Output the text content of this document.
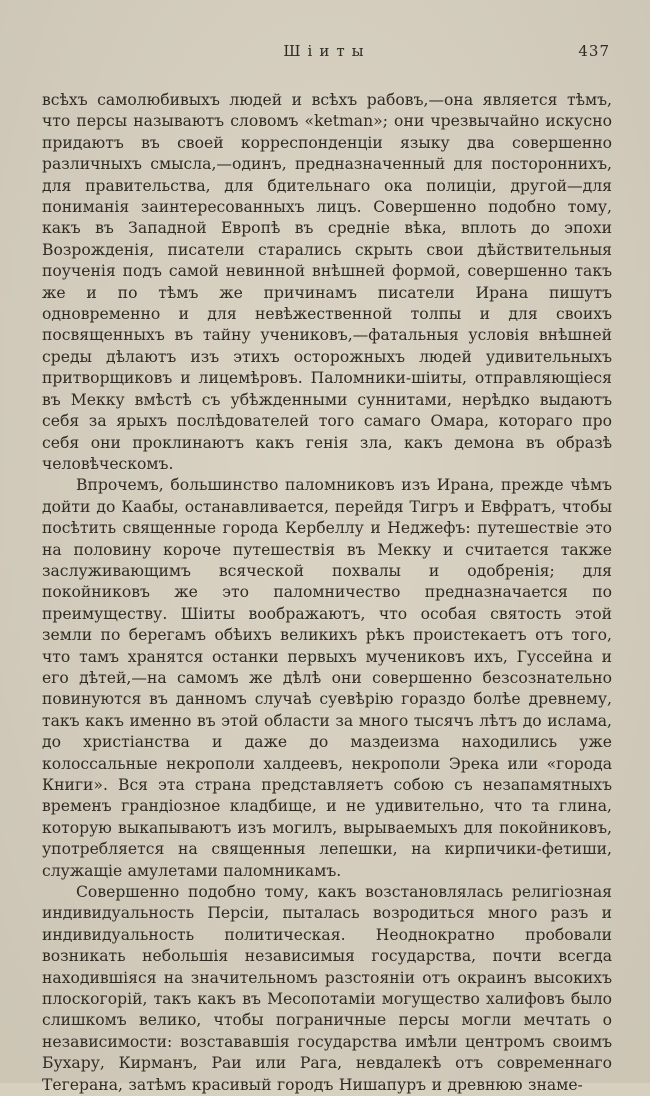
Шіиты	437

всѣхъ самолюбивыхъ людей и всѣхъ рабовъ,—она является тѣмъ, что персы называютъ словомъ «ketman»; они чрезвычайно искусно придаютъ въ своей корреспонденціи языку два совершенно различныхъ смысла,—одинъ, предназначенный для постороннихъ, для правительства, для бдительнаго ока полиціи, другой—для пониманія заинтересованныхъ лицъ. Совершенно подобно тому, какъ въ Западной Европѣ въ средніе вѣка, вплоть до эпохи Возрожденія, писатели старались скрыть свои дѣйствительныя поученія подъ самой невинной внѣшней формой, совершенно такъ же и по тѣмъ же причинамъ писатели Ирана пишутъ одновременно и для невѣжественной толпы и для своихъ посвященныхъ въ тайну учениковъ,—фатальныя условія внѣшней среды дѣлаютъ изъ этихъ осторожныхъ людей удивительныхъ притворщиковъ и лицемѣровъ. Паломники-шіиты, отправляющіеся въ Мекку вмѣстѣ съ убѣжденными суннитами, нерѣдко выдаютъ себя за ярыхъ послѣдователей того самаго Омара, котораго про себя они проклинаютъ какъ генія зла, какъ демона въ образѣ человѣческомъ.

Впрочемъ, большинство паломниковъ изъ Ирана, прежде чѣмъ дойти до Каабы, останавливается, перейдя Тигръ и Евфратъ, чтобы посѣтить священные города Кербеллу и Неджефъ: путешествіе это на половину короче путешествія въ Мекку и считается также заслуживающимъ всяческой похвалы и одобренія; для покойниковъ же это паломничество предназначается по преимуществу. Шіиты воображаютъ, что особая святость этой земли по берегамъ обѣихъ великихъ рѣкъ проистекаетъ отъ того, что тамъ хранятся останки первыхъ мучениковъ ихъ, Гуссейна и его дѣтей,—на самомъ же дѣлѣ они совершенно безсознательно повинуются въ данномъ случаѣ суевѣрію гораздо болѣе древнему, такъ какъ именно въ этой области за много тысячъ лѣтъ до ислама, до христіанства и даже до маздеизма находились уже колоссальные некрополи халдеевъ, некрополи Эрека или «города Книги». Вся эта страна представляетъ собою съ незапамятныхъ временъ грандіозное кладбище, и не удивительно, что та глина, которую выкапываютъ изъ могилъ, вырываемыхъ для покойниковъ, употребляется на священныя лепешки, на кирпичики-фетиши, служащіе амулетами паломникамъ.

Совершенно подобно тому, какъ возстановлялась религіозная индивидуальность Персіи, пыталась возродиться много разъ и индивидуальность политическая. Неоднократно пробовали возникать небольшія независимыя государства, почти всегда находившіяся на значительномъ разстояніи отъ окраинъ высокихъ плоскогорій, такъ какъ въ Месопотаміи могущество халифовъ было слишкомъ велико, чтобы пограничные персы могли мечтать о независимости: возстававшія государства имѣли центромъ своимъ Бухару, Кирманъ, Раи или Рага, невдалекѣ отъ современнаго Тегерана, затѣмъ красивый городъ Нишапуръ и древнюю знаме-
